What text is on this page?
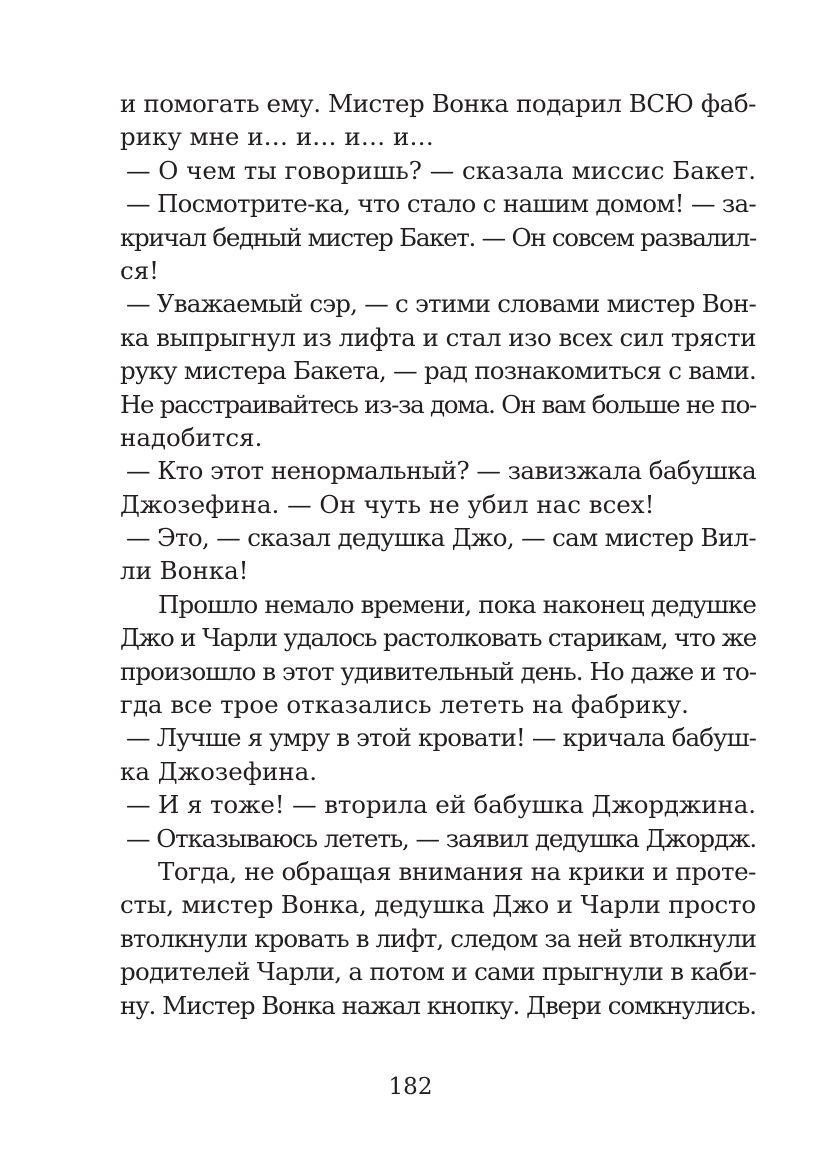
и помогать ему. Мистер Вонка подарил ВСЮ фаб-
рику мне и… и… и… и…
— О чем ты говоришь? — сказала миссис Бакет.
— Посмотрите-ка, что стало с нашим домом! — за-
кричал бедный мистер Бакет. — Он совсем развалил-
ся!
— Уважаемый сэр, — с этими словами мистер Вон-
ка выпрыгнул из лифта и стал изо всех сил трясти
руку мистера Бакета, — рад познакомиться с вами.
Не расстраивайтесь из-за дома. Он вам больше не по-
надобится.
— Кто этот ненормальный? — завизжала бабушка
Джозефина. — Он чуть не убил нас всех!
— Это, — сказал дедушка Джо, — сам мистер Вил-
ли Вонка!
Прошло немало времени, пока наконец дедушке
Джо и Чарли удалось растолковать старикам, что же
произошло в этот удивительный день. Но даже и то-
гда все трое отказались лететь на фабрику.
— Лучше я умру в этой кровати! — кричала бабуш-
ка Джозефина.
— И я тоже! — вторила ей бабушка Джорджина.
— Отказываюсь лететь, — заявил дедушка Джордж.
Тогда, не обращая внимания на крики и проте-
сты, мистер Вонка, дедушка Джо и Чарли просто
втолкнули кровать в лифт, следом за ней втолкнули
родителей Чарли, а потом и сами прыгнули в каби-
ну. Мистер Вонка нажал кнопку. Двери сомкнулись.
182
